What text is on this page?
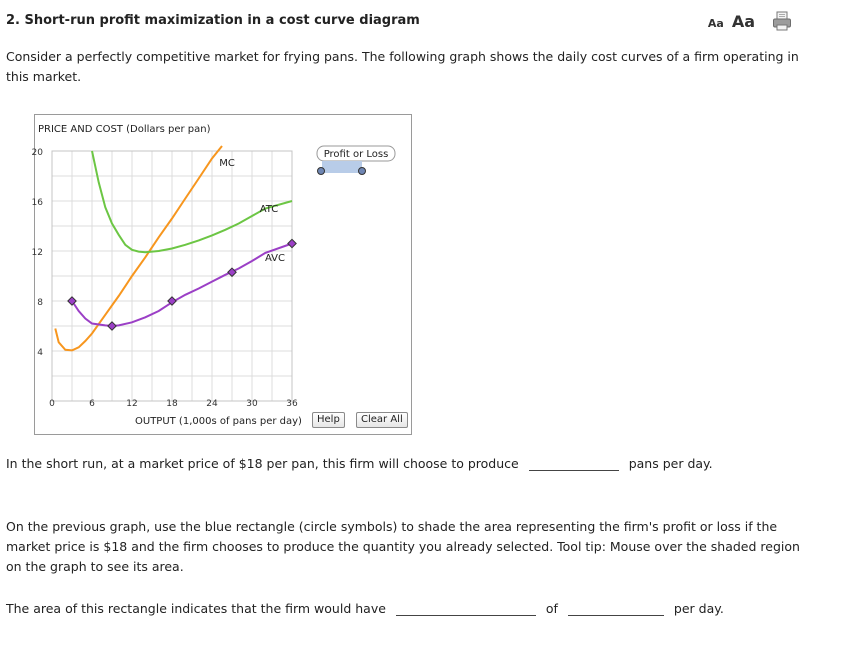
2. Short-run profit maximization in a cost curve diagram	Aa Aa
Consider a perfectly competitive market for frying pans. The following graph shows the daily cost curves of a firm operating in this market.
PRICE AND COST (Dollars per pan)
0	6	12	18	24	30	36
4
8
12
16
20
MC
ATC
AVC
OUTPUT (1,000s of pans per day)
Profit or Loss
Help	Clear All
In the short run, at a market price of $18 per pan, this firm will choose to produce	pans per day.
On the previous graph, use the blue rectangle (circle symbols) to shade the area representing the firm's profit or loss if the market price is $18 and the firm chooses to produce the quantity you already selected. Tool tip: Mouse over the shaded region on the graph to see its area.
The area of this rectangle indicates that the firm would have	of	per day.
